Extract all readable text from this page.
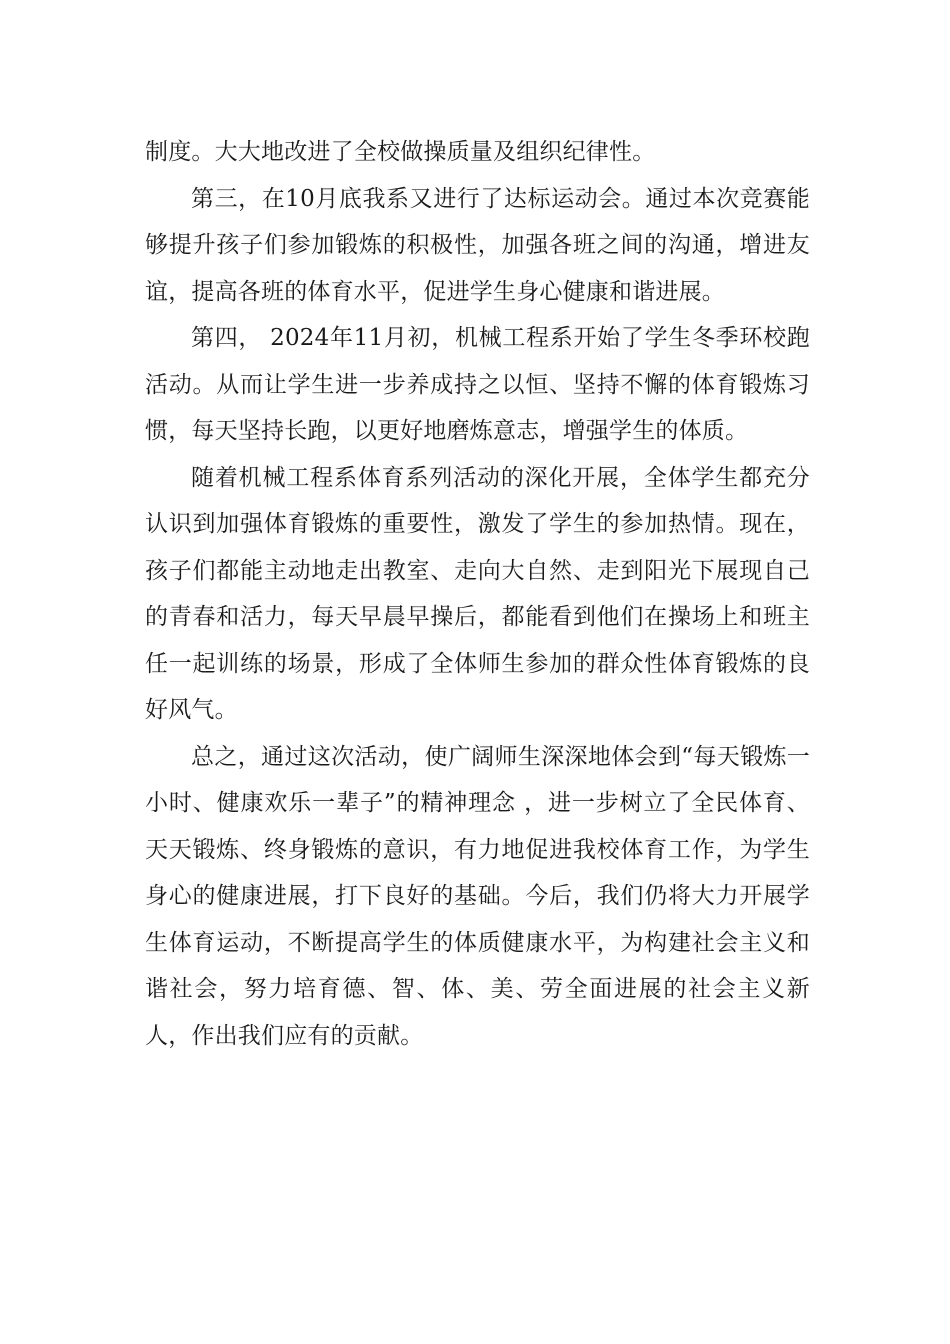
制度。大大地改进了全校做操质量及组织纪律性。

第三，在10月底我系又进行了达标运动会。通过本次竞赛能够提升孩子们参加锻炼的积极性，加强各班之间的沟通，增进友谊，提高各班的体育水平，促进学生身心健康和谐进展。

第四， 2024年11月初，机械工程系开始了学生冬季环校跑活动。从而让学生进一步养成持之以恒、坚持不懈的体育锻炼习惯，每天坚持长跑，以更好地磨炼意志，增强学生的体质。

随着机械工程系体育系列活动的深化开展，全体学生都充分认识到加强体育锻炼的重要性，激发了学生的参加热情。现在，孩子们都能主动地走出教室、走向大自然、走到阳光下展现自己的青春和活力，每天早晨早操后，都能看到他们在操场上和班主任一起训练的场景，形成了全体师生参加的群众性体育锻炼的良好风气。

总之，通过这次活动，使广阔师生深深地体会到“每天锻炼一小时、健康欢乐一辈子”的精神理念 ，进一步树立了全民体育、天天锻炼、终身锻炼的意识，有力地促进我校体育工作，为学生身心的健康进展，打下良好的基础。今后，我们仍将大力开展学生体育运动，不断提高学生的体质健康水平，为构建社会主义和谐社会，努力培育德、智、体、美、劳全面进展的社会主义新人，作出我们应有的贡献。
